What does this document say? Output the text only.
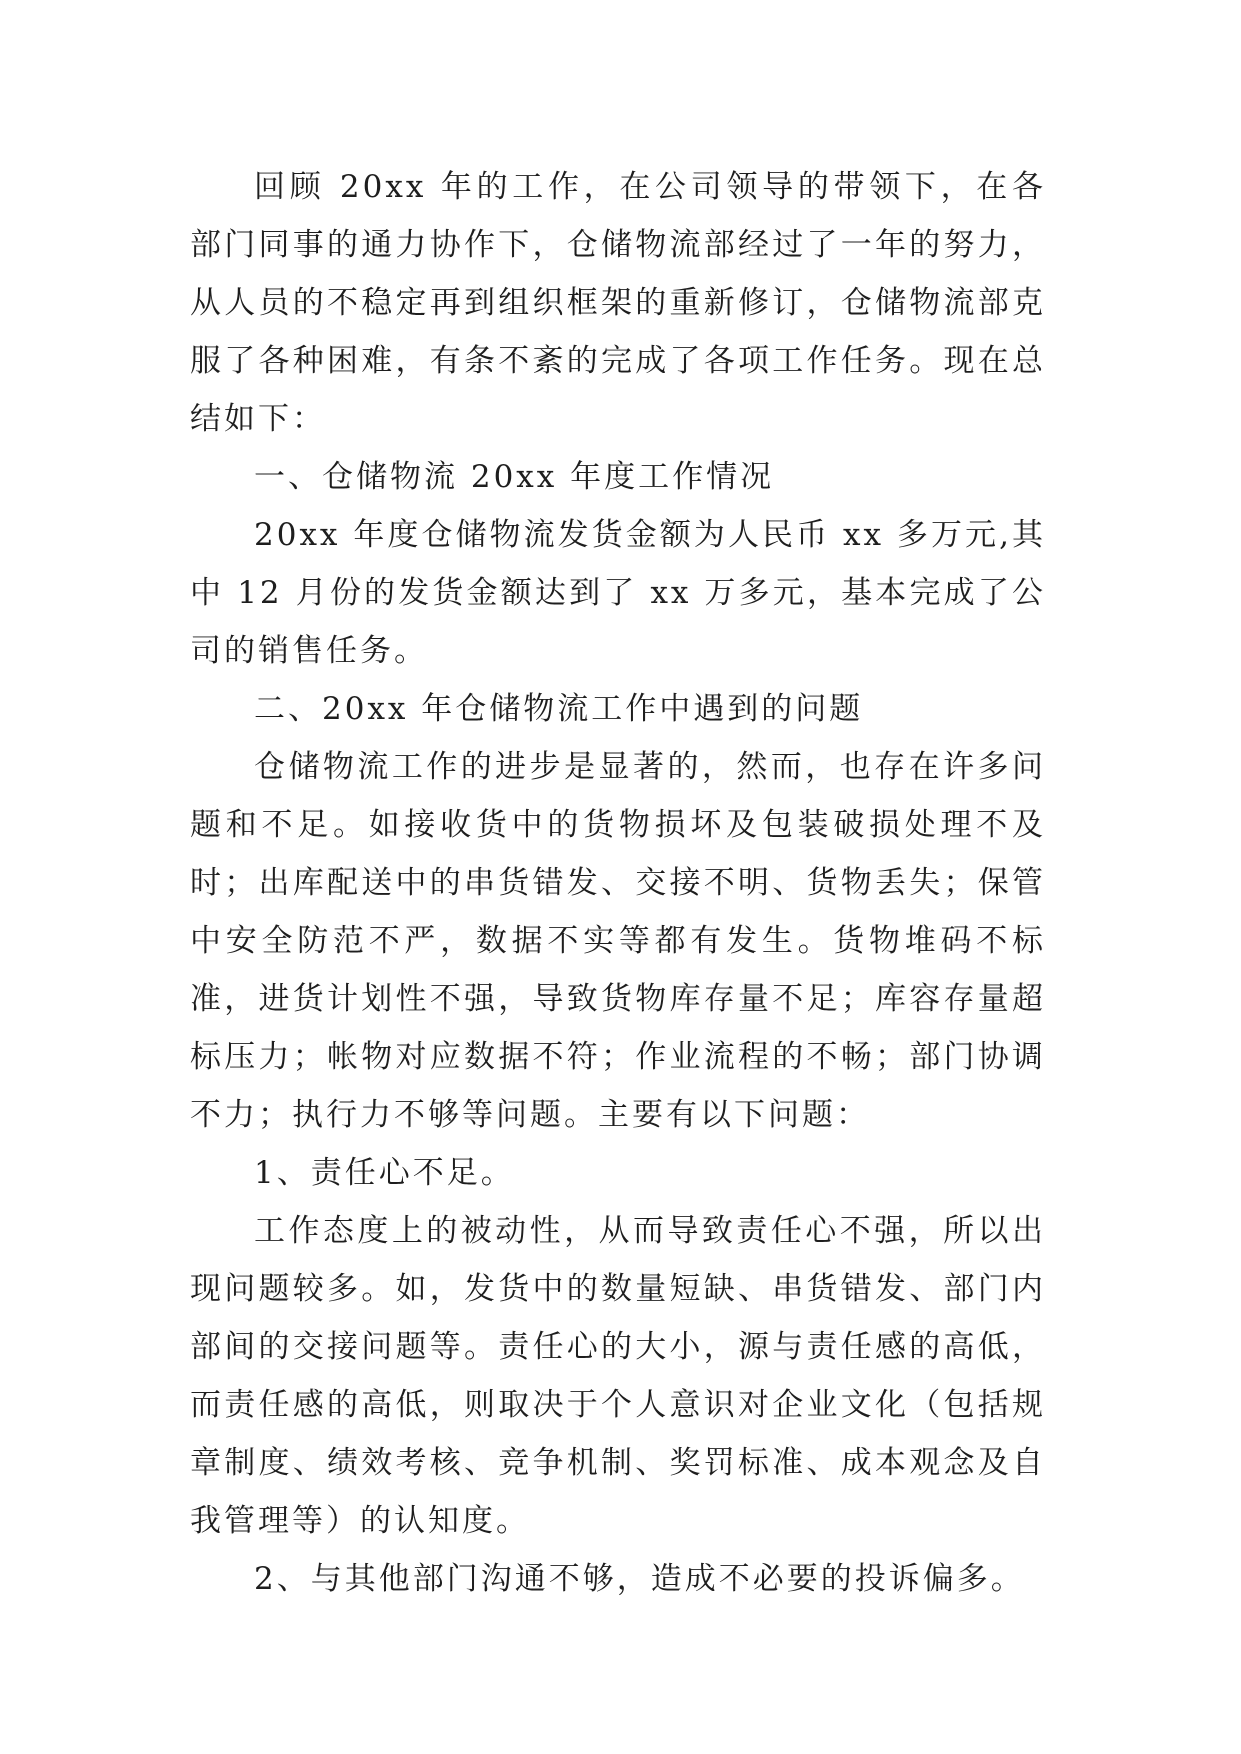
回顾 20xx 年的工作，在公司领导的带领下，在各部门同事的通力协作下，仓储物流部经过了一年的努力，从人员的不稳定再到组织框架的重新修订，仓储物流部克服了各种困难，有条不紊的完成了各项工作任务。现在总结如下：

一、仓储物流 20xx 年度工作情况

20xx 年度仓储物流发货金额为人民币 xx 多万元,其中 12 月份的发货金额达到了 xx 万多元，基本完成了公司的销售任务。

二、20xx 年仓储物流工作中遇到的问题

仓储物流工作的进步是显著的，然而，也存在许多问题和不足。如接收货中的货物损坏及包装破损处理不及时；出库配送中的串货错发、交接不明、货物丢失；保管中安全防范不严，数据不实等都有发生。货物堆码不标准，进货计划性不强，导致货物库存量不足；库容存量超标压力；帐物对应数据不符；作业流程的不畅；部门协调不力；执行力不够等问题。主要有以下问题：

1、责任心不足。

工作态度上的被动性，从而导致责任心不强，所以出现问题较多。如，发货中的数量短缺、串货错发、部门内部间的交接问题等。责任心的大小，源与责任感的高低，而责任感的高低，则取决于个人意识对企业文化（包括规章制度、绩效考核、竞争机制、奖罚标准、成本观念及自我管理等）的认知度。

2、与其他部门沟通不够，造成不必要的投诉偏多。
